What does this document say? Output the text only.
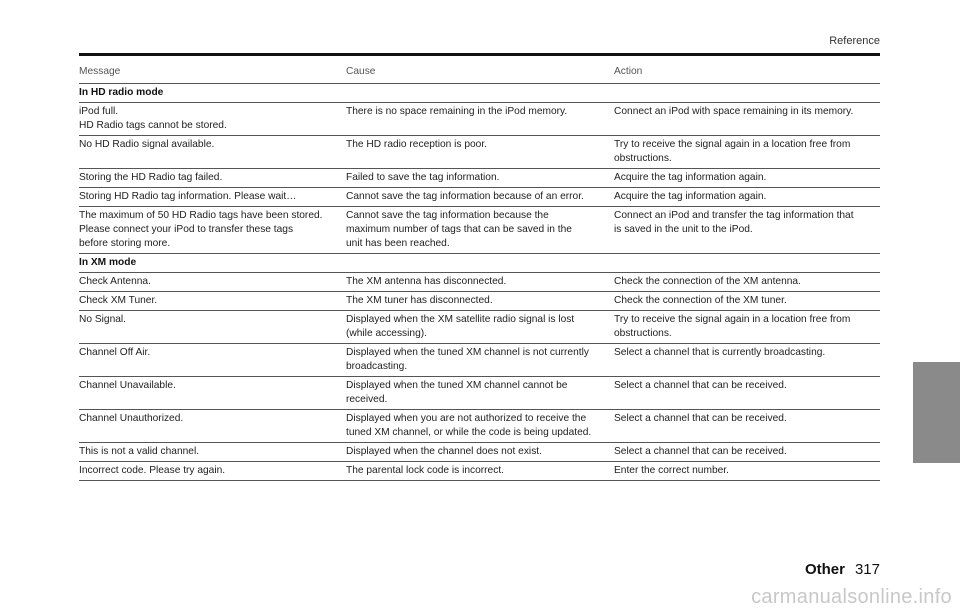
Reference
Message	Cause	Action
In HD radio mode		

iPod full.
HD Radio tags cannot be stored.	There is no space remaining in the iPod memory.	Connect an iPod with space remaining in its memory.

No HD Radio signal available.	The HD radio reception is poor.	Try to receive the signal again in a location free from
obstructions.

Storing the HD Radio tag failed.	Failed to save the tag information.	Acquire the tag information again.

Storing HD Radio tag information. Please wait…	Cannot save the tag information because of an error.	Acquire the tag information again.

The maximum of 50 HD Radio tags have been stored.
Please connect your iPod to transfer these tags
before storing more.	Cannot save the tag information because the
maximum number of tags that can be saved in the
unit has been reached.	Connect an iPod and transfer the tag information that
is saved in the unit to the iPod.

In XM mode		

Check Antenna.	The XM antenna has disconnected.	Check the connection of the XM antenna.

Check XM Tuner.	The XM tuner has disconnected.	Check the connection of the XM tuner.

No Signal.	Displayed when the XM satellite radio signal is lost
(while accessing).	Try to receive the signal again in a location free from
obstructions.

Channel Off Air.	Displayed when the tuned XM channel is not currently
broadcasting.	Select a channel that is currently broadcasting.

Channel Unavailable.	Displayed when the tuned XM channel cannot be
received.	Select a channel that can be received.

Channel Unauthorized.	Displayed when you are not authorized to receive the
tuned XM channel, or while the code is being updated.	Select a channel that can be received.

This is not a valid channel.	Displayed when the channel does not exist.	Select a channel that can be received.

Incorrect code. Please try again.	The parental lock code is incorrect.	Enter the correct number.
Other 317
carmanualsonline.info
